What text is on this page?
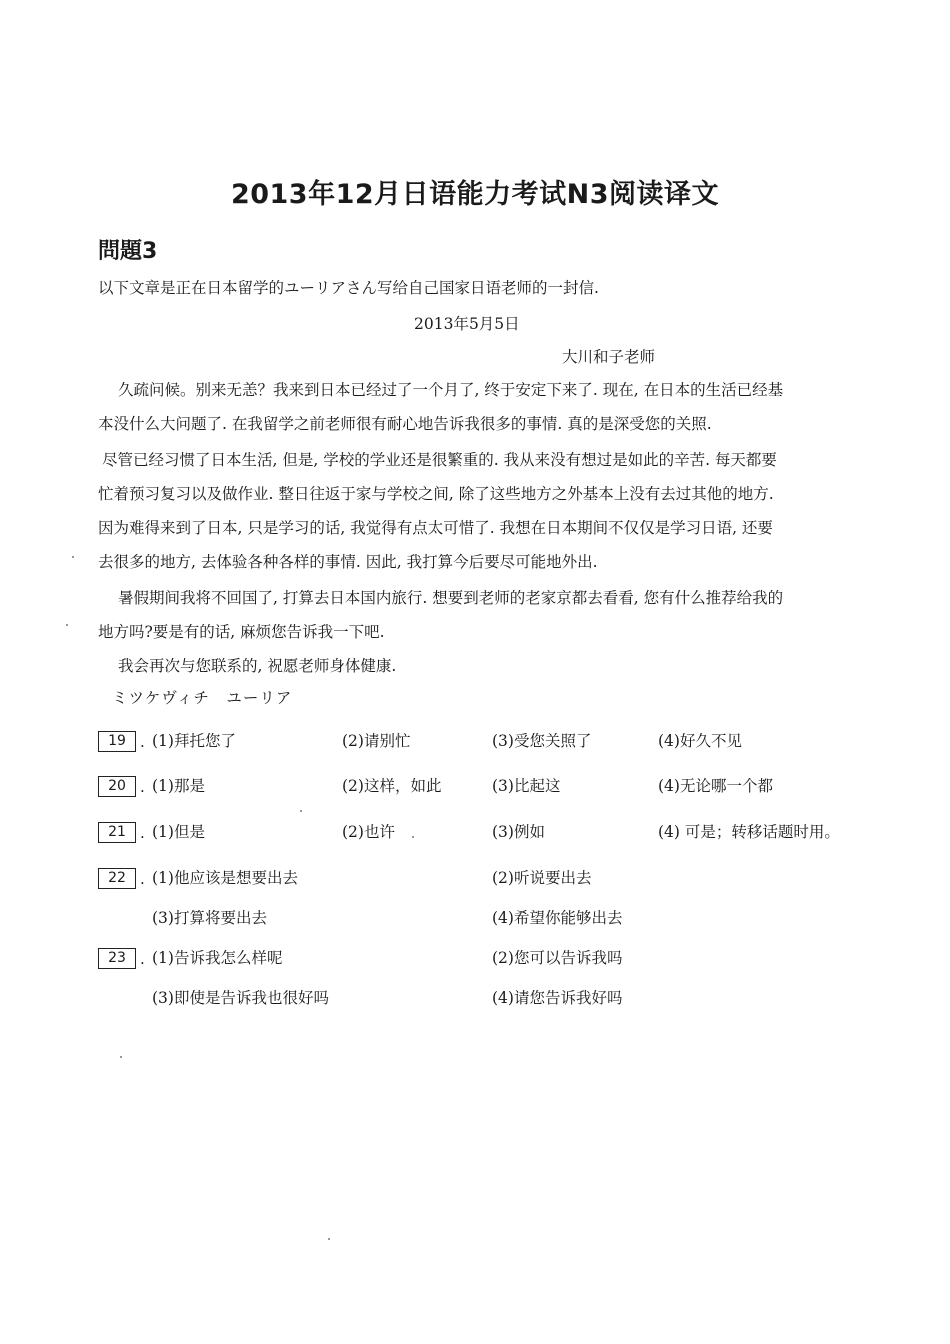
2013年12月日语能力考试N3阅读译文
問題3
以下文章是正在日本留学的ユーリアさん写给自己国家日语老师的一封信.
2013年5月5日
大川和子老师
久疏问候。别来无恙？我来到日本已经过了一个月了, 终于安定下来了. 现在, 在日本的生活已经基
本没什么大问题了. 在我留学之前老师很有耐心地告诉我很多的事情. 真的是深受您的关照.
尽管已经习惯了日本生活, 但是, 学校的学业还是很繁重的. 我从来没有想过是如此的辛苦. 每天都要
忙着预习复习以及做作业. 整日往返于家与学校之间, 除了这些地方之外基本上没有去过其他的地方.
因为难得来到了日本, 只是学习的话, 我觉得有点太可惜了. 我想在日本期间不仅仅是学习日语, 还要
去很多的地方, 去体验各种各样的事情. 因此, 我打算今后要尽可能地外出.
暑假期间我将不回国了, 打算去日本国内旅行. 想要到老师的老家京都去看看, 您有什么推荐给我的
地方吗?要是有的话, 麻烦您告诉我一下吧.
我会再次与您联系的, 祝愿老师身体健康.
ミツケヴィチ　ユーリア
19 . (1)拜托您了	(2)请别忙	(3)受您关照了	(4)好久不见
20 . (1)那是	(2)这样，如此	(3)比起这	(4)无论哪一个都
21 . (1)但是	(2)也许	(3)例如	(4) 可是；转移话题时用。
22 . (1)他应该是想要出去	(2)听说要出去
(3)打算将要出去	(4)希望你能够出去
23 . (1)告诉我怎么样呢	(2)您可以告诉我吗
(3)即使是告诉我也很好吗	(4)请您告诉我好吗
